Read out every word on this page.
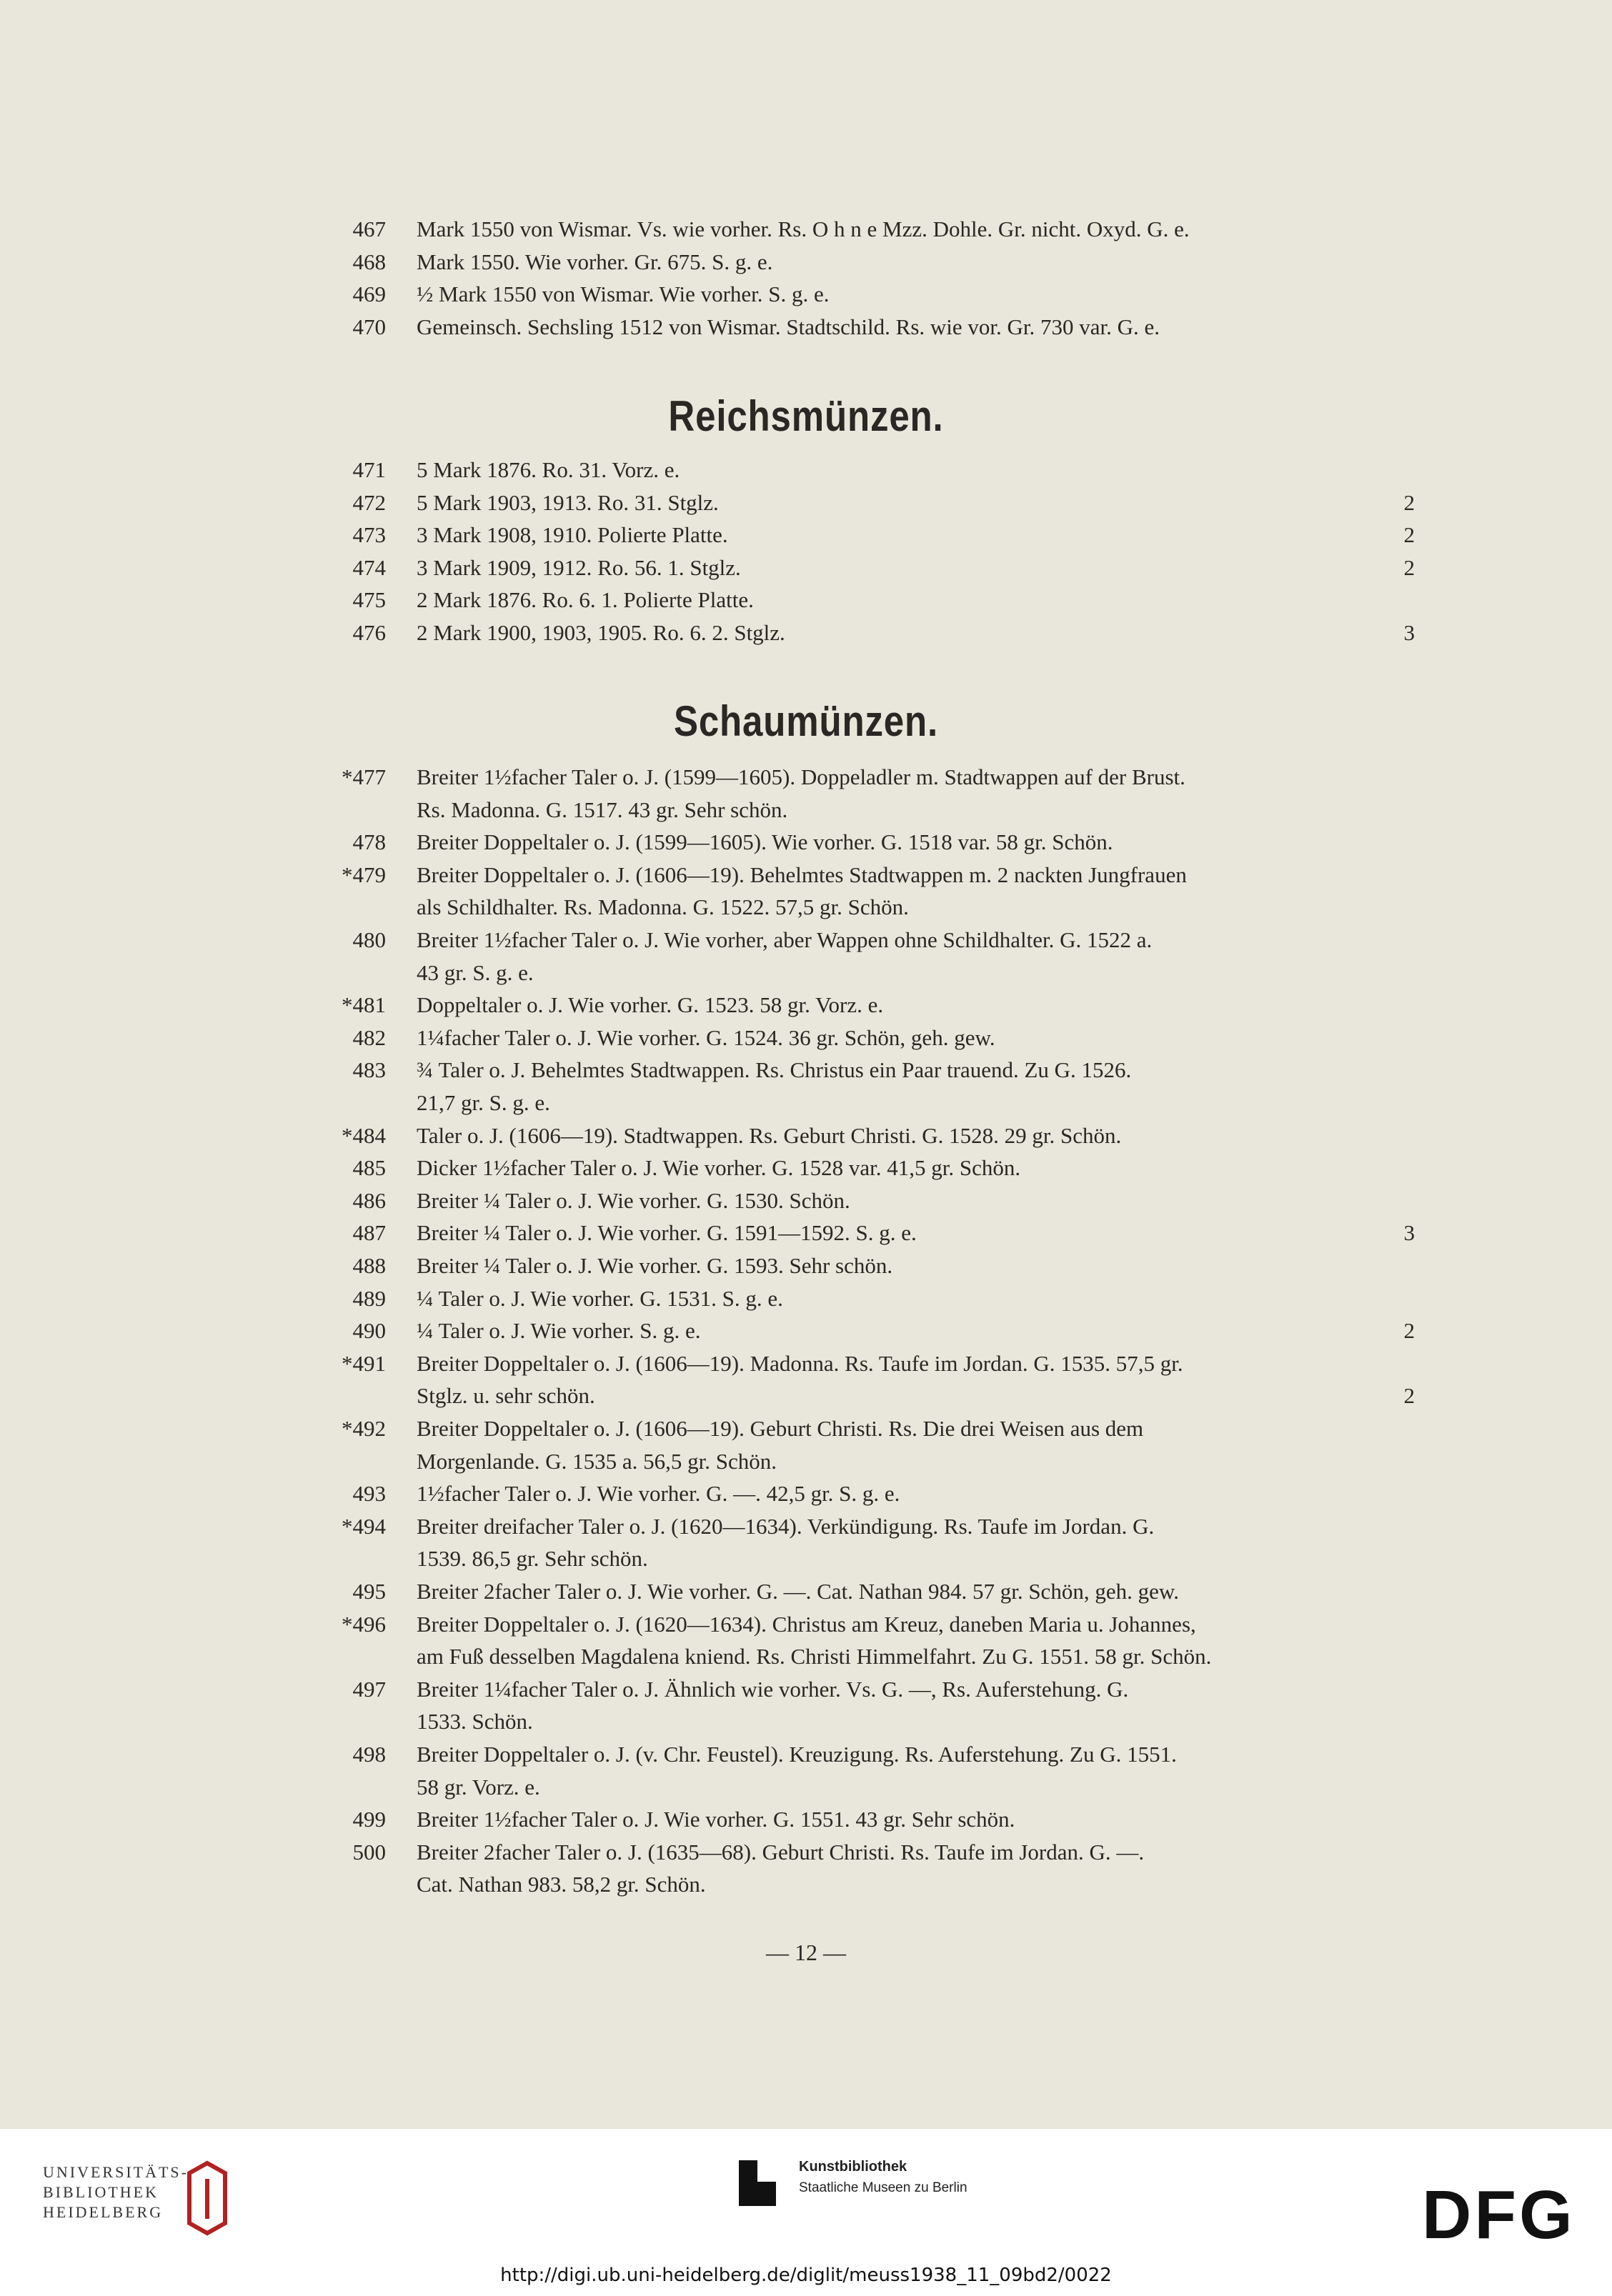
467 Mark 1550 von Wismar. Vs. wie vorher. Rs. O h n e Mzz. Dohle. Gr. nicht. Oxyd. G. e.
468 Mark 1550. Wie vorher. Gr. 675. S. g. e.
469 ½ Mark 1550 von Wismar. Wie vorher. S. g. e.
470 Gemeinsch. Sechsling 1512 von Wismar. Stadtschild. Rs. wie vor. Gr. 730 var. G. e.
Reichsmünzen.
471 5 Mark 1876. Ro. 31. Vorz. e.
472 5 Mark 1903, 1913. Ro. 31. Stglz.	2
473 3 Mark 1908, 1910. Polierte Platte.	2
474 3 Mark 1909, 1912. Ro. 56. 1. Stglz.	2
475 2 Mark 1876. Ro. 6. 1. Polierte Platte.
476 2 Mark 1900, 1903, 1905. Ro. 6. 2. Stglz.	3
Schaumünzen.
*477 Breiter 1½facher Taler o. J. (1599—1605). Doppeladler m. Stadtwappen auf der Brust.
Rs. Madonna. G. 1517. 43 gr. Sehr schön.
478 Breiter Doppeltaler o. J. (1599—1605). Wie vorher. G. 1518 var. 58 gr. Schön.
*479 Breiter Doppeltaler o. J. (1606—19). Behelmtes Stadtwappen m. 2 nackten Jungfrauen
als Schildhalter. Rs. Madonna. G. 1522. 57,5 gr. Schön.
480 Breiter 1½facher Taler o. J. Wie vorher, aber Wappen ohne Schildhalter. G. 1522 a.
43 gr. S. g. e.
*481 Doppeltaler o. J. Wie vorher. G. 1523. 58 gr. Vorz. e.
482 1¼facher Taler o. J. Wie vorher. G. 1524. 36 gr. Schön, geh. gew.
483 ¾ Taler o. J. Behelmtes Stadtwappen. Rs. Christus ein Paar trauend. Zu G. 1526.
21,7 gr. S. g. e.
*484 Taler o. J. (1606—19). Stadtwappen. Rs. Geburt Christi. G. 1528. 29 gr. Schön.
485 Dicker 1½facher Taler o. J. Wie vorher. G. 1528 var. 41,5 gr. Schön.
486 Breiter ¼ Taler o. J. Wie vorher. G. 1530. Schön.
487 Breiter ¼ Taler o. J. Wie vorher. G. 1591—1592. S. g. e.	3
488 Breiter ¼ Taler o. J. Wie vorher. G. 1593. Sehr schön.
489 ¼ Taler o. J. Wie vorher. G. 1531. S. g. e.
490 ¼ Taler o. J. Wie vorher. S. g. e.	2
*491 Breiter Doppeltaler o. J. (1606—19). Madonna. Rs. Taufe im Jordan. G. 1535. 57,5 gr.
Stglz. u. sehr schön.	2
*492 Breiter Doppeltaler o. J. (1606—19). Geburt Christi. Rs. Die drei Weisen aus dem
Morgenlande. G. 1535 a. 56,5 gr. Schön.
493 1½facher Taler o. J. Wie vorher. G. —. 42,5 gr. S. g. e.
*494 Breiter dreifacher Taler o. J. (1620—1634). Verkündigung. Rs. Taufe im Jordan. G.
1539. 86,5 gr. Sehr schön.
495 Breiter 2facher Taler o. J. Wie vorher. G. —. Cat. Nathan 984. 57 gr. Schön, geh. gew.
*496 Breiter Doppeltaler o. J. (1620—1634). Christus am Kreuz, daneben Maria u. Johannes,
am Fuß desselben Magdalena kniend. Rs. Christi Himmelfahrt. Zu G. 1551. 58 gr. Schön.
497 Breiter 1¼facher Taler o. J. Ähnlich wie vorher. Vs. G. —, Rs. Auferstehung. G.
1533. Schön.
498 Breiter Doppeltaler o. J. (v. Chr. Feustel). Kreuzigung. Rs. Auferstehung. Zu G. 1551.
58 gr. Vorz. e.
499 Breiter 1½facher Taler o. J. Wie vorher. G. 1551. 43 gr. Sehr schön.
500 Breiter 2facher Taler o. J. (1635—68). Geburt Christi. Rs. Taufe im Jordan. G. —.
Cat. Nathan 983. 58,2 gr. Schön.
— 12 —
UNIVERSITÄTS-
BIBLIOTHEK
HEIDELBERG
Kunstbibliothek
Staatliche Museen zu Berlin	DFG
http://digi.ub.uni-heidelberg.de/diglit/meuss1938_11_09bd2/0022
